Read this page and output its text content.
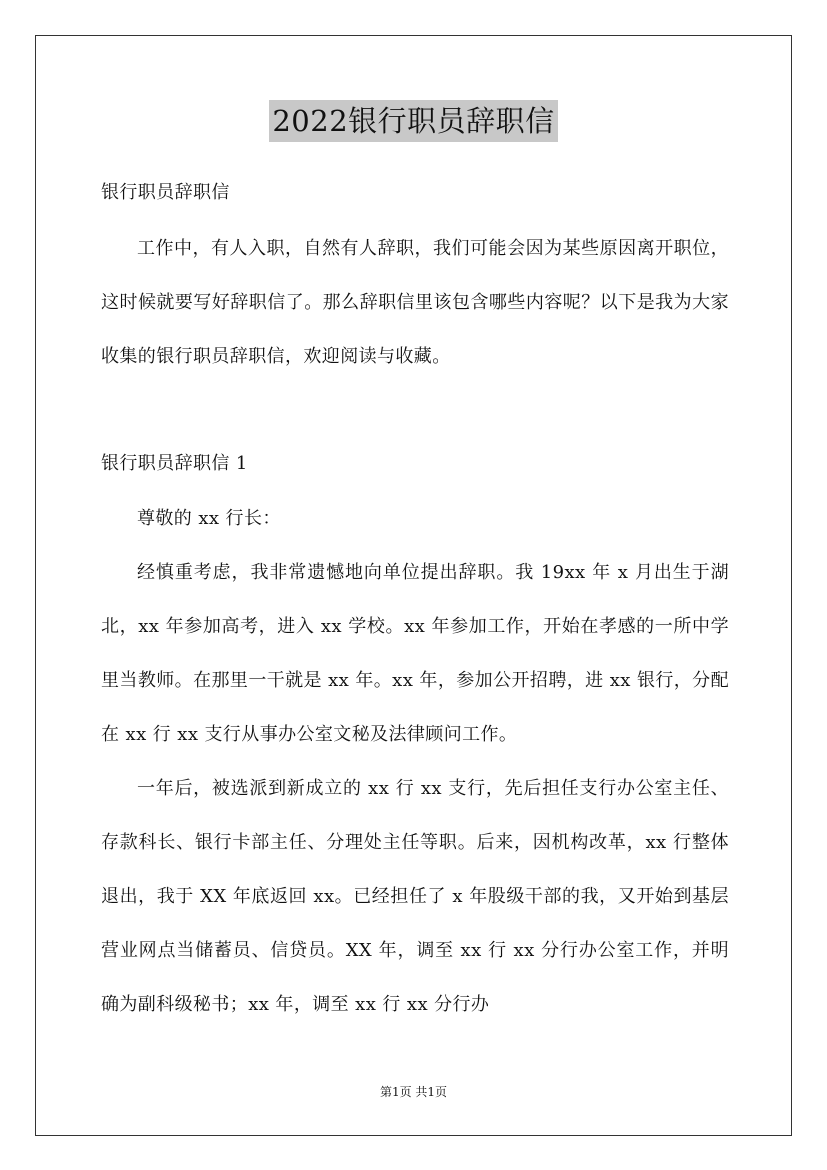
2022银行职员辞职信
银行职员辞职信

工作中，有人入职，自然有人辞职，我们可能会因为某些原因离开职位，这时候就要写好辞职信了。那么辞职信里该包含哪些内容呢？以下是我为大家收集的银行职员辞职信，欢迎阅读与收藏。

银行职员辞职信 1

尊敬的 xx 行长：

经慎重考虑，我非常遗憾地向单位提出辞职。我 19xx 年 x 月出生于湖北，xx 年参加高考，进入 xx 学校。xx 年参加工作，开始在孝感的一所中学里当教师。在那里一干就是 xx 年。xx 年，参加公开招聘，进 xx 银行，分配在 xx 行 xx 支行从事办公室文秘及法律顾问工作。

一年后，被选派到新成立的 xx 行 xx 支行，先后担任支行办公室主任、存款科长、银行卡部主任、分理处主任等职。后来，因机构改革，xx 行整体退出，我于 XX 年底返回 xx。已经担任了 x 年股级干部的我，又开始到基层营业网点当储蓄员、信贷员。XX 年，调至 xx 行 xx 分行办公室工作，并明确为副科级秘书；xx 年，调至 xx 行 xx 分行办

第1页 共1页
